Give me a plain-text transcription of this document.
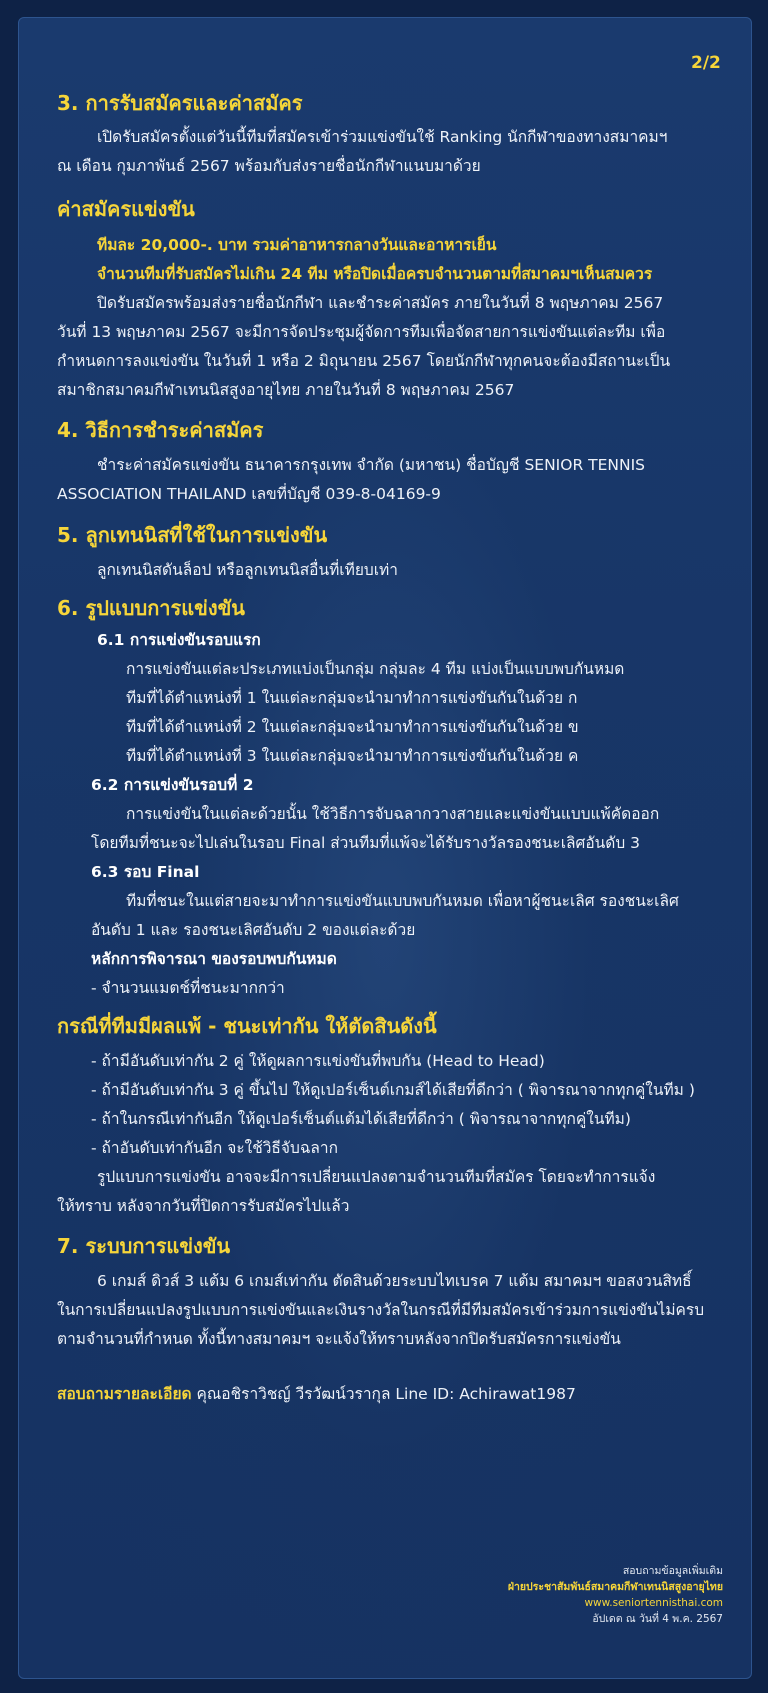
2/2
3. การรับสมัครและค่าสมัคร
เปิดรับสมัครตั้งแต่วันนี้ทีมที่สมัครเข้าร่วมแข่งขันใช้ Ranking นักกีฬาของทางสมาคมฯ
ณ เดือน กุมภาพันธ์ 2567 พร้อมกับส่งรายชื่อนักกีฬาแนบมาด้วย
ค่าสมัครแข่งขัน
ทีมละ 20,000-. บาท รวมค่าอาหารกลางวันและอาหารเย็น
จำนวนทีมที่รับสมัครไม่เกิน 24 ทีม หรือปิดเมื่อครบจำนวนตามที่สมาคมฯเห็นสมควร
ปิดรับสมัครพร้อมส่งรายชื่อนักกีฬา และชำระค่าสมัคร ภายในวันที่ 8 พฤษภาคม 2567
วันที่ 13 พฤษภาคม 2567 จะมีการจัดประชุมผู้จัดการทีมเพื่อจัดสายการแข่งขันแต่ละทีม เพื่อ
กำหนดการลงแข่งขัน ในวันที่ 1 หรือ 2 มิถุนายน 2567 โดยนักกีฬาทุกคนจะต้องมีสถานะเป็น
สมาชิกสมาคมกีฬาเทนนิสสูงอายุไทย ภายในวันที่ 8 พฤษภาคม 2567
4. วิธีการชำระค่าสมัคร
ชำระค่าสมัครแข่งขัน ธนาคารกรุงเทพ จำกัด (มหาชน) ชื่อบัญชี SENIOR TENNIS
ASSOCIATION THAILAND เลขที่บัญชี 039-8-04169-9
5. ลูกเทนนิสที่ใช้ในการแข่งขัน
ลูกเทนนิสดันล็อป หรือลูกเทนนิสอื่นที่เทียบเท่า
6. รูปแบบการแข่งขัน
6.1 การแข่งขันรอบแรก
การแข่งขันแต่ละประเภทแบ่งเป็นกลุ่ม กลุ่มละ 4 ทีม แบ่งเป็นแบบพบกันหมด
ทีมที่ได้ตำแหน่งที่ 1 ในแต่ละกลุ่มจะนำมาทำการแข่งขันกันในด้วย ก
ทีมที่ได้ตำแหน่งที่ 2 ในแต่ละกลุ่มจะนำมาทำการแข่งขันกันในด้วย ข
ทีมที่ได้ตำแหน่งที่ 3 ในแต่ละกลุ่มจะนำมาทำการแข่งขันกันในด้วย ค
6.2 การแข่งขันรอบที่ 2
การแข่งขันในแต่ละด้วยนั้น ใช้วิธีการจับฉลากวางสายและแข่งขันแบบแพ้คัดออก
โดยทีมที่ชนะจะไปเล่นในรอบ Final ส่วนทีมที่แพ้จะได้รับรางวัลรองชนะเลิศอันดับ 3
6.3 รอบ Final
ทีมที่ชนะในแต่สายจะมาทำการแข่งขันแบบพบกันหมด เพื่อหาผู้ชนะเลิศ รองชนะเลิศ
อันดับ 1 และ รองชนะเลิศอันดับ 2 ของแต่ละด้วย
หลักการพิจารณา ของรอบพบกันหมด
- จำนวนแมตช์ที่ชนะมากกว่า
กรณีที่ทีมมีผลแพ้ - ชนะเท่ากัน ให้ตัดสินดังนี้
- ถ้ามีอันดับเท่ากัน 2 คู่ ให้ดูผลการแข่งขันที่พบกัน (Head to Head)
- ถ้ามีอันดับเท่ากัน 3 คู่ ขึ้นไป ให้ดูเปอร์เซ็นต์เกมส์ได้เสียที่ดีกว่า ( พิจารณาจากทุกคู่ในทีม )
- ถ้าในกรณีเท่ากันอีก ให้ดูเปอร์เซ็นต์แต้มได้เสียที่ดีกว่า ( พิจารณาจากทุกคู่ในทีม)
- ถ้าอันดับเท่ากันอีก จะใช้วิธีจับฉลาก
รูปแบบการแข่งขัน อาจจะมีการเปลี่ยนแปลงตามจำนวนทีมที่สมัคร โดยจะทำการแจ้ง
ให้ทราบ หลังจากวันที่ปิดการรับสมัครไปแล้ว
7. ระบบการแข่งขัน
6 เกมส์ ดิวส์ 3 แต้ม 6 เกมส์เท่ากัน ตัดสินด้วยระบบไทเบรค 7 แต้ม สมาคมฯ ขอสงวนสิทธิ์
ในการเปลี่ยนแปลงรูปแบบการแข่งขันและเงินรางวัลในกรณีที่มีทีมสมัครเข้าร่วมการแข่งขันไม่ครบ
ตามจำนวนที่กำหนด ทั้งนี้ทางสมาคมฯ จะแจ้งให้ทราบหลังจากปิดรับสมัครการแข่งขัน
สอบถามรายละเอียด คุณอชิราวิชญ์ วีรวัฒน์วรากุล Line ID: Achirawat1987
สอบถามข้อมูลเพิ่มเติม
ฝ่ายประชาสัมพันธ์สมาคมกีฬาเทนนิสสูงอายุไทย
www.seniortennisthai.com
อัปเดต ณ วันที่ 4 พ.ค. 2567
